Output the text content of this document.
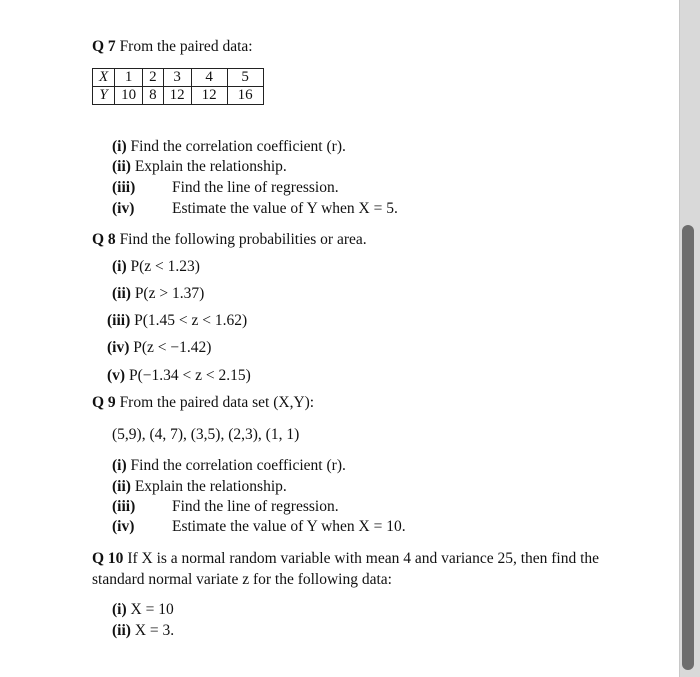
Q 7 From the paired data:
X	1	2	3	4	5
Y	10	8	12	12	16
(i) Find the correlation coefficient (r).
(ii) Explain the relationship.
(iii) Find the line of regression.
(iv) Estimate the value of Y when X = 5.
Q 8 Find the following probabilities or area.
(i) P(z < 1.23)
(ii) P(z > 1.37)
(iii) P(1.45 < z < 1.62)
(iv) P(z < −1.42)
(v) P(−1.34 < z < 2.15)
Q 9 From the paired data set (X,Y):
(5,9), (4, 7), (3,5), (2,3), (1, 1)
(i) Find the correlation coefficient (r).
(ii) Explain the relationship.
(iii) Find the line of regression.
(iv) Estimate the value of Y when X = 10.
Q 10 If X is a normal random variable with mean 4 and variance 25, then find the
standard normal variate z for the following data:
(i) X = 10
(ii) X = 3.
